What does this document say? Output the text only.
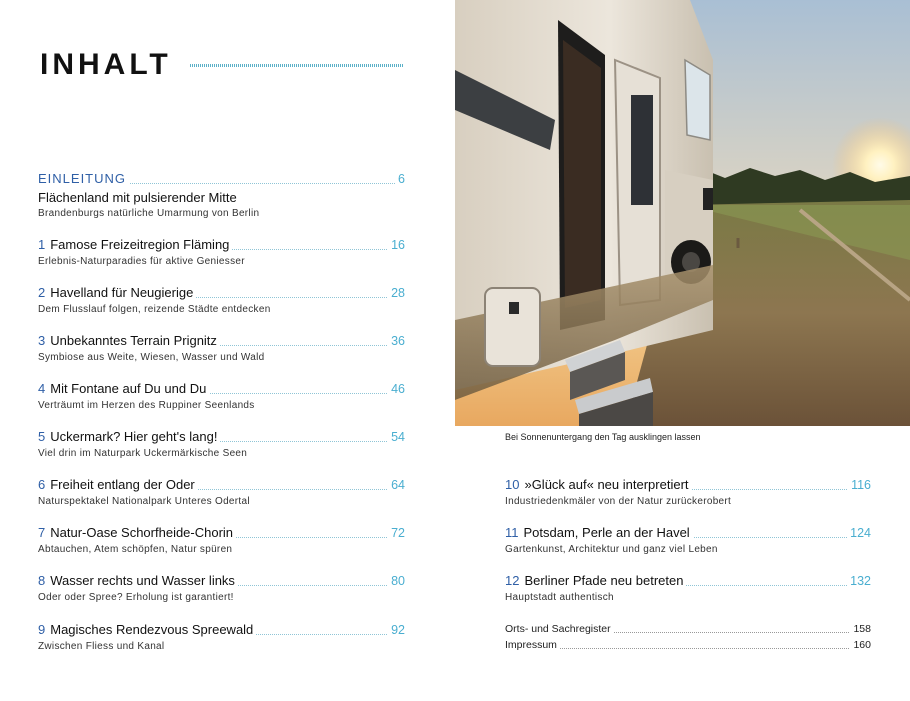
INHALT
EINLEITUNG	6
Flächenland mit pulsierender Mitte
Brandenburgs natürliche Umarmung von Berlin
1 Famose Freizeitregion Fläming	16
Erlebnis-Naturparadies für aktive Geniesser
2 Havelland für Neugierige	28
Dem Flusslauf folgen, reizende Städte entdecken
3 Unbekanntes Terrain Prignitz	36
Symbiose aus Weite, Wiesen, Wasser und Wald
4 Mit Fontane auf Du und Du	46
Verträumt im Herzen des Ruppiner Seenlands
5 Uckermark? Hier geht's lang!	54
Viel drin im Naturpark Uckermärkische Seen
6 Freiheit entlang der Oder	64
Naturspektakel Nationalpark Unteres Odertal
7 Natur-Oase Schorfheide-Chorin	72
Abtauchen, Atem schöpfen, Natur spüren
8 Wasser rechts und Wasser links	80
Oder oder Spree? Erholung ist garantiert!
9 Magisches Rendezvous Spreewald	92
Zwischen Fliess und Kanal
Bei Sonnenuntergang den Tag ausklingen lassen
10 »Glück auf« neu interpretiert	116
Industriedenkmäler von der Natur zurückerobert
11 Potsdam, Perle an der Havel	124
Gartenkunst, Architektur und ganz viel Leben
12 Berliner Pfade neu betreten	132
Hauptstadt authentisch
Orts- und Sachregister	158
Impressum	160
